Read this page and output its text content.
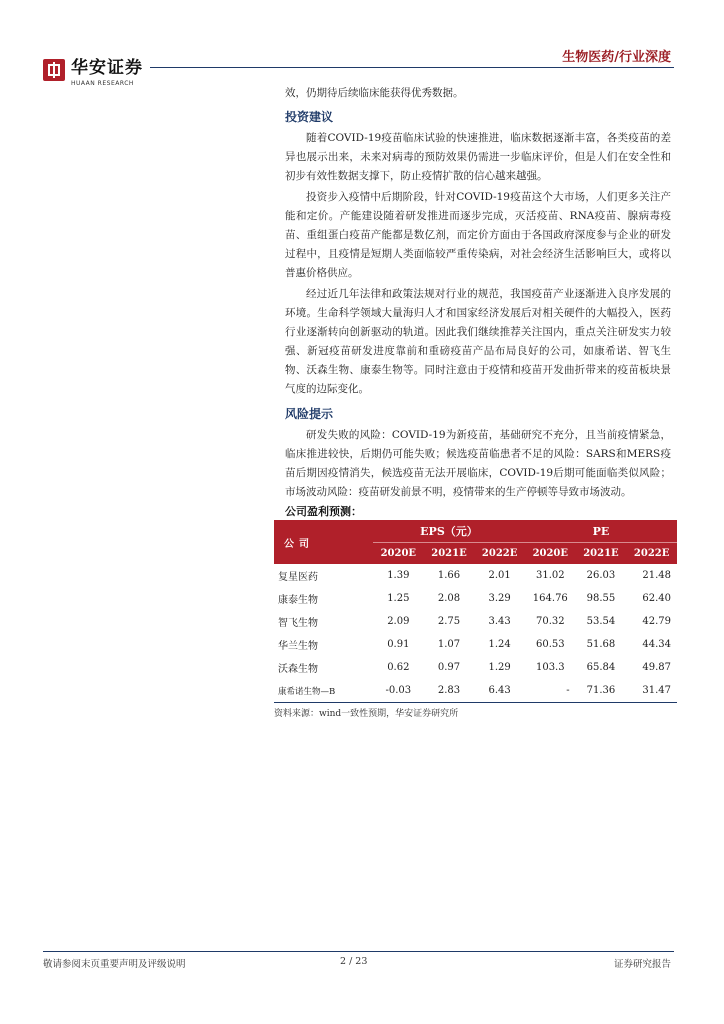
华安证券
HUAAN RESEARCH
生物医药/行业深度

效，仍期待后续临床能获得优秀数据。

投资建议

随着COVID-19疫苗临床试验的快速推进，临床数据逐渐丰富，各类疫苗的差异也展示出来，未来对病毒的预防效果仍需进一步临床评价，但是人们在安全性和初步有效性数据支撑下，防止疫情扩散的信心越来越强。

投资步入疫情中后期阶段，针对COVID-19疫苗这个大市场，人们更多关注产能和定价。产能建设随着研发推进而逐步完成，灭活疫苗、RNA疫苗、腺病毒疫苗、重组蛋白疫苗产能都是数亿剂，而定价方面由于各国政府深度参与企业的研发过程中，且疫情是短期人类面临较严重传染病，对社会经济生活影响巨大，或将以普惠价格供应。

经过近几年法律和政策法规对行业的规范，我国疫苗产业逐渐进入良序发展的环境。生命科学领域大量海归人才和国家经济发展后对相关硬件的大幅投入，医药行业逐渐转向创新驱动的轨道。因此我们继续推荐关注国内，重点关注研发实力较强、新冠疫苗研发进度靠前和重磅疫苗产品布局良好的公司，如康希诺、智飞生物、沃森生物、康泰生物等。同时注意由于疫情和疫苗开发曲折带来的疫苗板块景气度的边际变化。

风险提示

研发失败的风险：COVID-19为新疫苗，基础研究不充分，且当前疫情紧急，临床推进较快，后期仍可能失败；候选疫苗临患者不足的风险：SARS和MERS疫苗后期因疫情消失，候选疫苗无法开展临床，COVID-19后期可能面临类似风险；市场波动风险：疫苗研发前景不明，疫情带来的生产停顿等导致市场波动。

公司盈利预测：
公司	EPS（元）			PE		
	2020E	2021E	2022E	2020E	2021E	2022E
复星医药	1.39	1.66	2.01	31.02	26.03	21.48
康泰生物	1.25	2.08	3.29	164.76	98.55	62.40
智飞生物	2.09	2.75	3.43	70.32	53.54	42.79
华兰生物	0.91	1.07	1.24	60.53	51.68	44.34
沃森生物	0.62	0.97	1.29	103.3	65.84	49.87
康希诺生物—B	-0.03	2.83	6.43	-	71.36	31.47
资料来源：wind一致性预期，华安证券研究所
敬请参阅末页重要声明及评级说明	2 / 23	证券研究报告
